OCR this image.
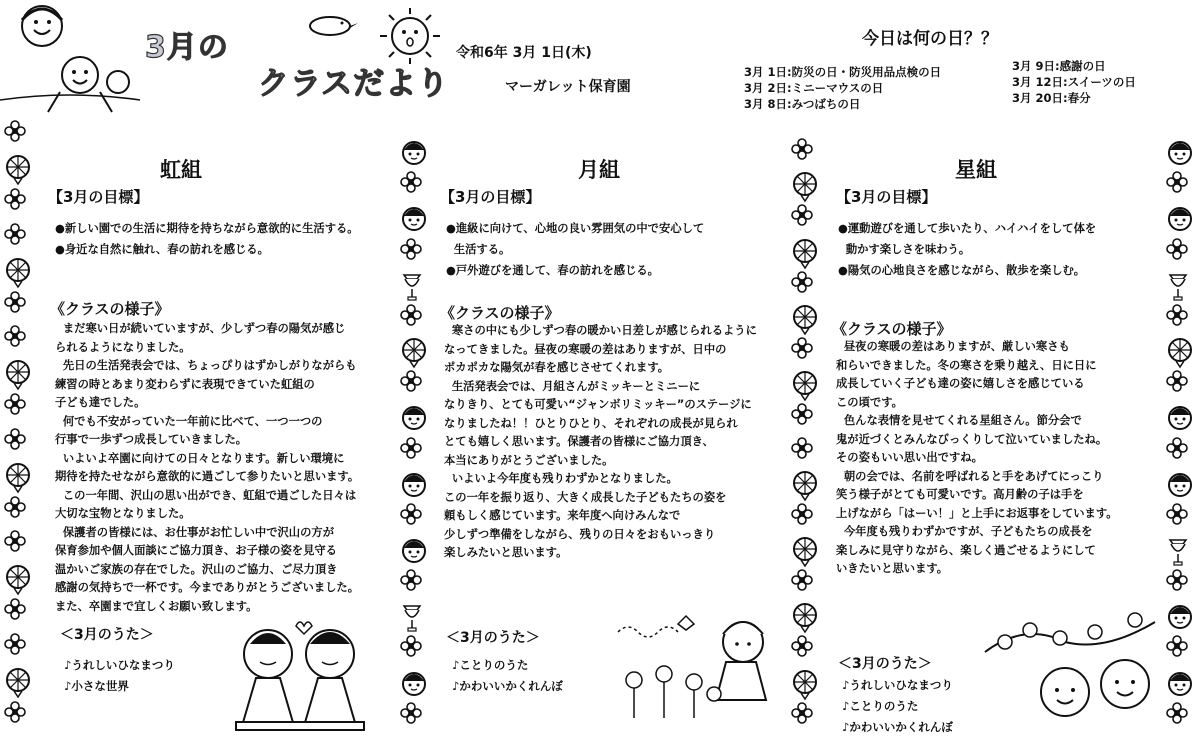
3月の
クラスだより
令和6年 3月 1日(木)
マーガレット保育園
今日は何の日？？
3月 1日:防災の日・防災用品点検の日
3月 2日:ミニーマウスの日
3月 8日:みつばちの日
3月 9日:感謝の日
3月 12日:スイーツの日
3月 20日:春分
虹組
【3月の目標】
●新しい園での生活に期待を持ちながら意欲的に生活する。
●身近な自然に触れ、春の訪れを感じる。
《クラスの様子》
まだ寒い日が続いていますが、少しずつ春の陽気が感じ
られるようになりました。
先日の生活発表会では、ちょっぴりはずかしがりながらも
練習の時とあまり変わらずに表現できていた虹組の
子ども達でした。
何でも不安がっていた一年前に比べて、一つ一つの
行事で一歩ずつ成長していきました。
いよいよ卒園に向けての日々となります。新しい環境に
期待を持たせながら意欲的に過ごして参りたいと思います。
この一年間、沢山の思い出ができ、虹組で過ごした日々は
大切な宝物となりました。
保護者の皆様には、お仕事がお忙しい中で沢山の方が
保育参加や個人面談にご協力頂き、お子様の姿を見守る
温かいご家族の存在でした。沢山のご協力、ご尽力頂き
感謝の気持ちで一杯です。今までありがとうございました。
また、卒園まで宜しくお願い致します。
＜3月のうた＞
♪うれしいひなまつり
♪小さな世界
月組
【3月の目標】
●進級に向けて、心地の良い雰囲気の中で安心して
生活する。
●戸外遊びを通して、春の訪れを感じる。
《クラスの様子》
寒さの中にも少しずつ春の暖かい日差しが感じられるように
なってきました。昼夜の寒暖の差はありますが、日中の
ポカポカな陽気が春を感じさせてくれます。
生活発表会では、月組さんがミッキーとミニーに
なりきり、とても可愛い“ジャンボリミッキー”のステージに
なりましたね！！ひとりひとり、それぞれの成長が見られ
とても嬉しく思います。保護者の皆様にご協力頂き、
本当にありがとうございました。
いよいよ今年度も残りわずかとなりました。
この一年を振り返り、大きく成長した子どもたちの姿を
頼もしく感じています。来年度へ向けみんなで
少しずつ準備をしながら、残りの日々をおもいっきり
楽しみたいと思います。
＜3月のうた＞
♪ことりのうた
♪かわいいかくれんぼ
星組
【3月の目標】
●運動遊びを通して歩いたり、ハイハイをして体を
動かす楽しさを味わう。
●陽気の心地良さを感じながら、散歩を楽しむ。
《クラスの様子》
昼夜の寒暖の差はありますが、厳しい寒さも
和らいできました。冬の寒さを乗り越え、日に日に
成長していく子ども達の姿に嬉しさを感じている
この頃です。
色んな表情を見せてくれる星組さん。節分会で
鬼が近づくとみんなびっくりして泣いていましたね。
その姿もいい思い出ですね。
朝の会では、名前を呼ばれると手をあげてにっこり
笑う様子がとても可愛いです。高月齢の子は手を
上げながら「はーい！」と上手にお返事をしています。
今年度も残りわずかですが、子どもたちの成長を
楽しみに見守りながら、楽しく過ごせるようにして
いきたいと思います。
＜3月のうた＞
♪うれしいひなまつり
♪ことりのうた
♪かわいいかくれんぼ
